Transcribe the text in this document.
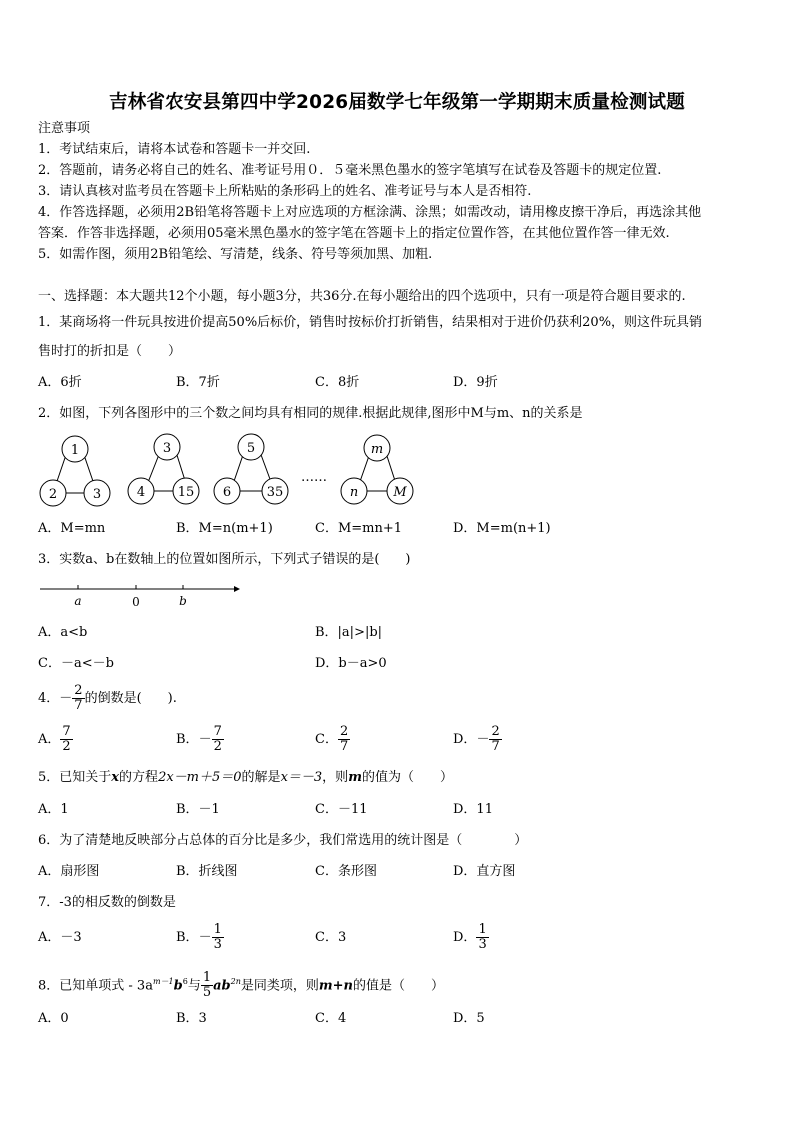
吉林省农安县第四中学2026届数学七年级第一学期期末质量检测试题
注意事项
1．考试结束后，请将本试卷和答题卡一并交回.
2．答题前，请务必将自己的姓名、准考证号用０．５毫米黑色墨水的签字笔填写在试卷及答题卡的规定位置.
3．请认真核对监考员在答题卡上所粘贴的条形码上的姓名、准考证号与本人是否相符.
4．作答选择题，必须用2B铅笔将答题卡上对应选项的方框涂满、涂黑；如需改动，请用橡皮擦干净后，再选涂其他
答案．作答非选择题，必须用05毫米黑色墨水的签字笔在答题卡上的指定位置作答，在其他位置作答一律无效.
5．如需作图，须用2B铅笔绘、写清楚，线条、符号等须加黑、加粗.
一、选择题：本大题共12个小题，每小题3分，共36分.在每小题给出的四个选项中，只有一项是符合题目要求的.
1．某商场将一件玩具按进价提高50%后标价，销售时按标价打折销售，结果相对于进价仍获利20%，则这件玩具销
售时打的折扣是（　　）
A．6折	B．7折	C．8折	D．9折
2．如图，下列各图形中的三个数之间均具有相同的规律.根据此规律,图形中M与m、n的关系是
1
2	3
3
4	15
5
6	35
……
m
n	M
A．M=mn	B．M=n(m+1)	C．M=mn+1	D．M=m(n+1)
3．实数a、b在数轴上的位置如图所示，下列式子错误的是(　　)
a	0	b
A．a<b	B．|a|>|b|
C．－a<－b	D．b－a>0
4．－ $\frac{2}{7}$ 的倒数是(　　).
A． $\frac{7}{2}$	B．－ $\frac{7}{2}$	C． $\frac{2}{7}$	D．－ $\frac{2}{7}$
5．已知关于x的方程2x－m＋5＝0的解是x＝－3，则m的值为（　　）
A．1	B．－1	C．－11	D．11
6．为了清楚地反映部分占总体的百分比是多少，我们常选用的统计图是（　　　　）
A．扇形图	B．折线图	C．条形图	D．直方图
7．-3的相反数的倒数是
A．－3	B．－ $\frac{1}{3}$	C．3	D． $\frac{1}{3}$
8．已知单项式 - $3a^{m-1}b^6$与 $\frac{1}{5} ab^{2n}$是同类项，则m+n的值是（　　）
A．0	B．3	C．4	D．5
